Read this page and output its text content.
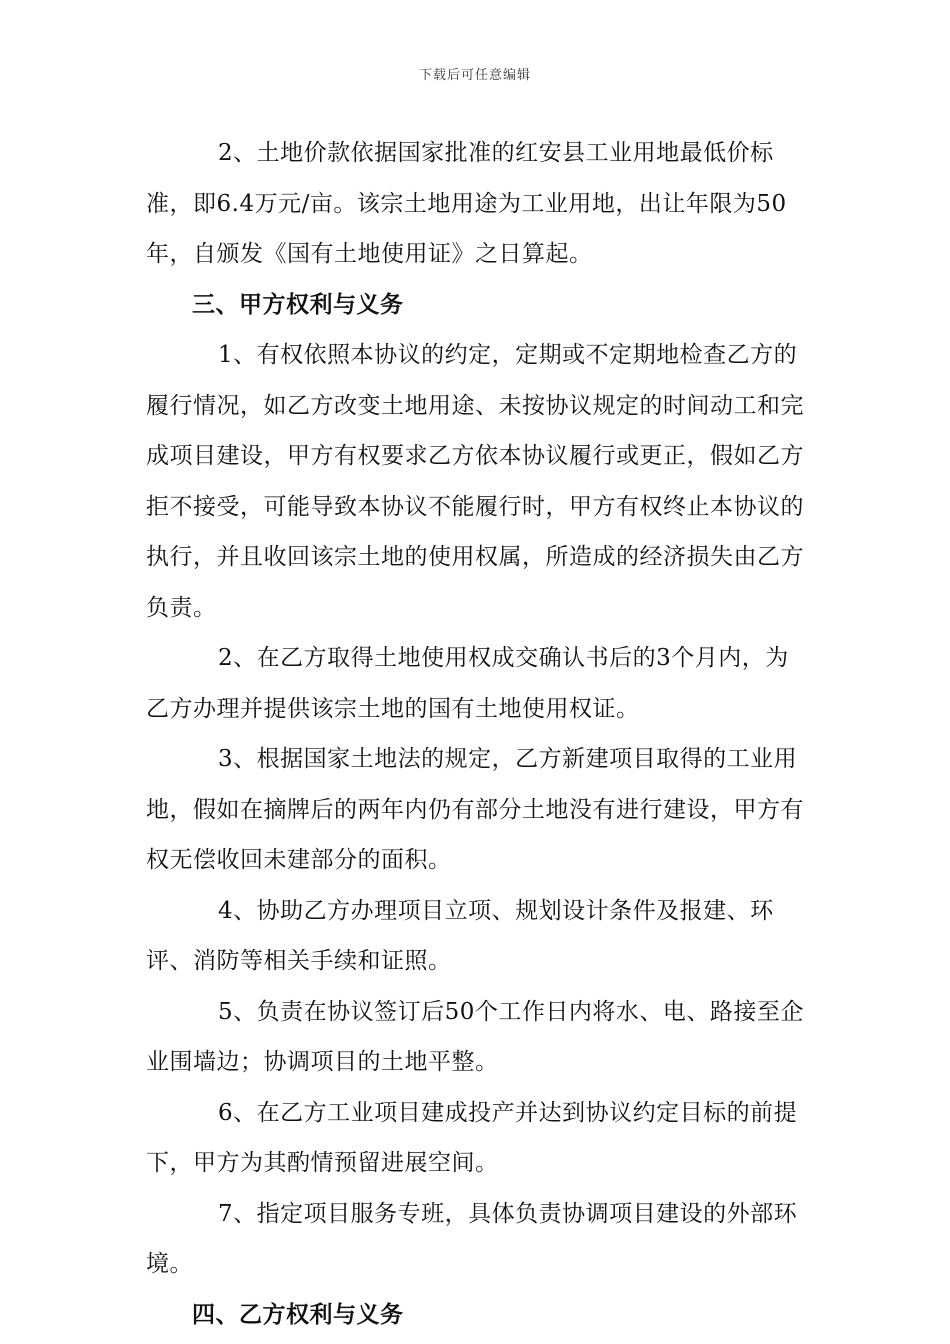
下载后可任意编辑

2、土地价款依据国家批准的红安县工业用地最低价标准，即6.4万元/亩。该宗土地用途为工业用地，出让年限为50年，自颁发《国有土地使用证》之日算起。

三、甲方权利与义务

1、有权依照本协议的约定，定期或不定期地检查乙方的履行情况，如乙方改变土地用途、未按协议规定的时间动工和完成项目建设，甲方有权要求乙方依本协议履行或更正，假如乙方拒不接受，可能导致本协议不能履行时，甲方有权终止本协议的执行，并且收回该宗土地的使用权属，所造成的经济损失由乙方负责。

2、在乙方取得土地使用权成交确认书后的3个月内，为乙方办理并提供该宗土地的国有土地使用权证。

3、根据国家土地法的规定，乙方新建项目取得的工业用地，假如在摘牌后的两年内仍有部分土地没有进行建设，甲方有权无偿收回未建部分的面积。

4、协助乙方办理项目立项、规划设计条件及报建、环评、消防等相关手续和证照。

5、负责在协议签订后50个工作日内将水、电、路接至企业围墙边；协调项目的土地平整。

6、在乙方工业项目建成投产并达到协议约定目标的前提下，甲方为其酌情预留进展空间。

7、指定项目服务专班，具体负责协调项目建设的外部环境。

四、乙方权利与义务
